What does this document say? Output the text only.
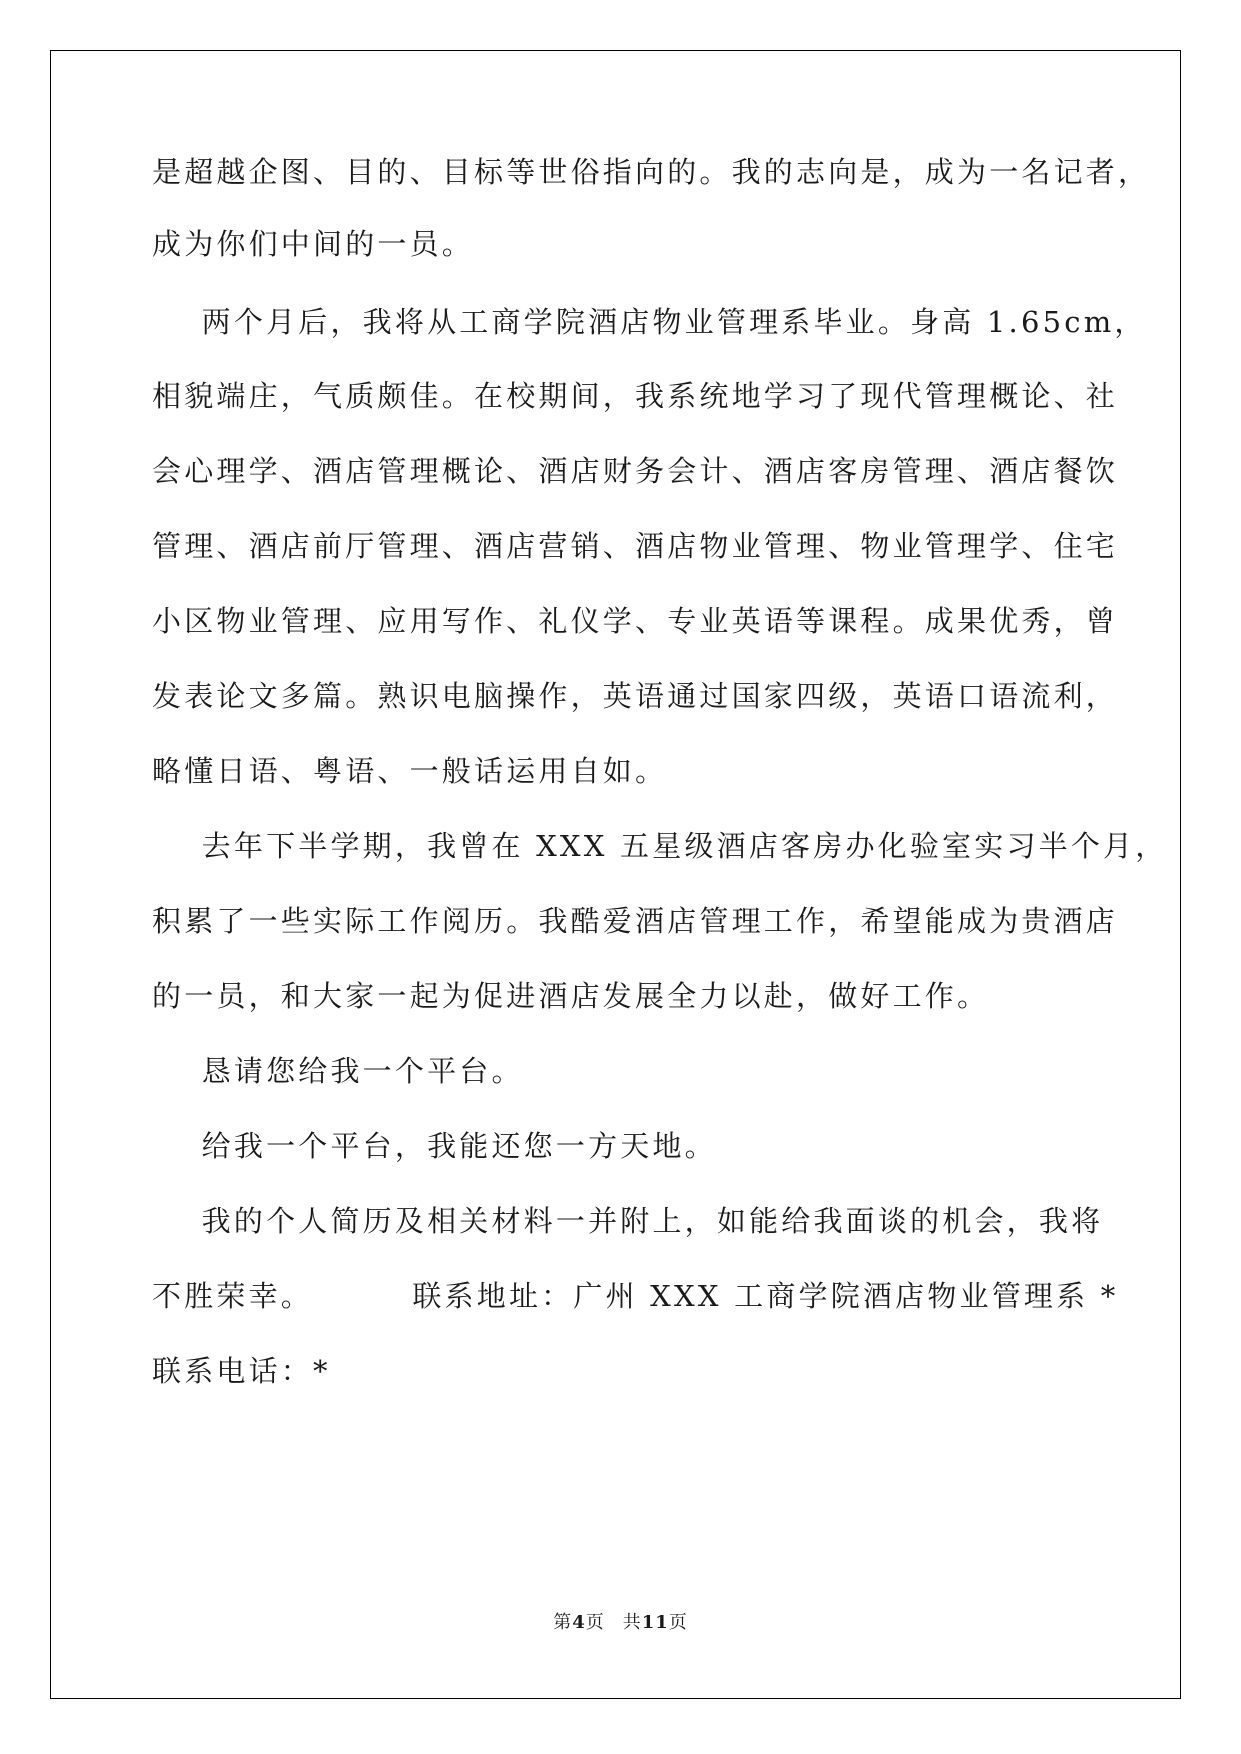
是超越企图、目的、目标等世俗指向的。我的志向是，成为一名记者，
成为你们中间的一员。
两个月后，我将从工商学院酒店物业管理系毕业。身高 1.65cm，
相貌端庄，气质颇佳。在校期间，我系统地学习了现代管理概论、社
会心理学、酒店管理概论、酒店财务会计、酒店客房管理、酒店餐饮
管理、酒店前厅管理、酒店营销、酒店物业管理、物业管理学、住宅
小区物业管理、应用写作、礼仪学、专业英语等课程。成果优秀，曾
发表论文多篇。熟识电脑操作，英语通过国家四级，英语口语流利，
略懂日语、粤语、一般话运用自如。
去年下半学期，我曾在 XXX 五星级酒店客房办化验室实习半个月，
积累了一些实际工作阅历。我酷爱酒店管理工作，希望能成为贵酒店
的一员，和大家一起为促进酒店发展全力以赴，做好工作。
恳请您给我一个平台。
给我一个平台，我能还您一方天地。
我的个人简历及相关材料一并附上，如能给我面谈的机会，我将
不胜荣幸。        联系地址：广州 XXX 工商学院酒店物业管理系 *
联系电话：*
第4页 共11页
